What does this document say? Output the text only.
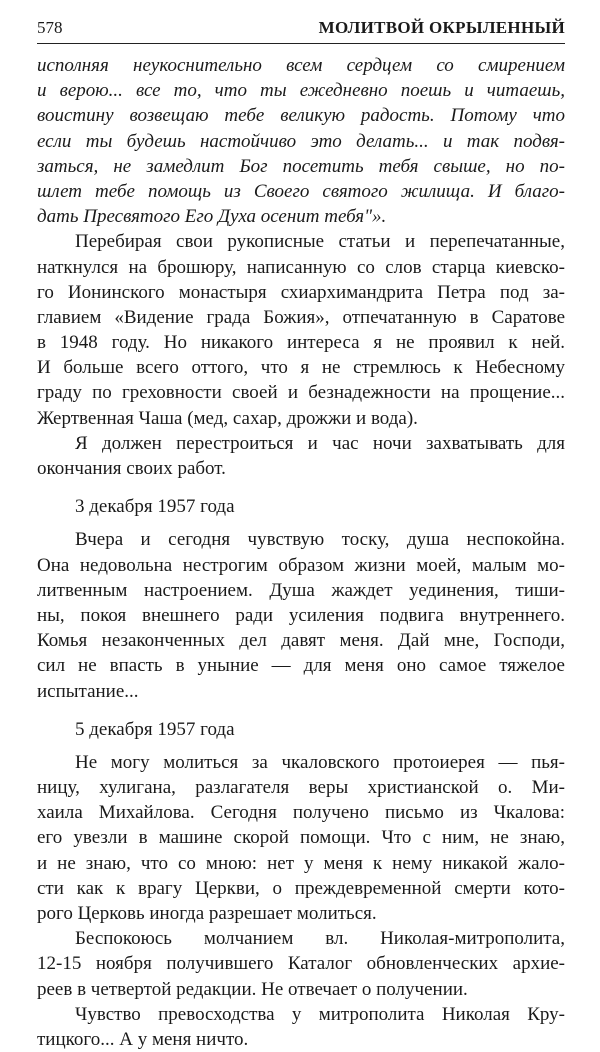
578	МОЛИТВОЙ ОКРЫЛЕННЫЙ
исполняя неукоснительно всем сердцем со смирением
и верою... все то, что ты ежедневно поешь и читаешь,
воистину возвещаю тебе великую радость. Потому что
если ты будешь настойчиво это делать... и так подвя-
заться, не замедлит Бог посетить тебя свыше, но по-
шлет тебе помощь из Своего святого жилища. И благо-
дать Пресвятого Его Духа осенит тебя"».
Перебирая свои рукописные статьи и перепечатанные,
наткнулся на брошюру, написанную со слов старца киевско-
го Ионинского монастыря схиархимандрита Петра под за-
главием «Видение града Божия», отпечатанную в Саратове
в 1948 году. Но никакого интереса я не проявил к ней.
И больше всего оттого, что я не стремлюсь к Небесному
граду по греховности своей и безнадежности на прощение...
Жертвенная Чаша (мед, сахар, дрожжи и вода).
Я должен перестроиться и час ночи захватывать для
окончания своих работ.
3 декабря 1957 года
Вчера и сегодня чувствую тоску, душа неспокойна.
Она недовольна нестрогим образом жизни моей, малым мо-
литвенным настроением. Душа жаждет уединения, тиши-
ны, покоя внешнего ради усиления подвига внутреннего.
Комья незаконченных дел давят меня. Дай мне, Господи,
сил не впасть в уныние — для меня оно самое тяжелое
испытание...
5 декабря 1957 года
Не могу молиться за чкаловского протоиерея — пья-
ницу, хулигана, разлагателя веры христианской о. Ми-
хаила Михайлова. Сегодня получено письмо из Чкалова:
его увезли в машине скорой помощи. Что с ним, не знаю,
и не знаю, что со мною: нет у меня к нему никакой жало-
сти как к врагу Церкви, о преждевременной смерти кото-
рого Церковь иногда разрешает молиться.
Беспокоюсь молчанием вл. Николая-митрополита,
12-15 ноября получившего Каталог обновленческих архие-
реев в четвертой редакции. Не отвечает о получении.
Чувство превосходства у митрополита Николая Кру-
тицкого... А у меня ничто.
